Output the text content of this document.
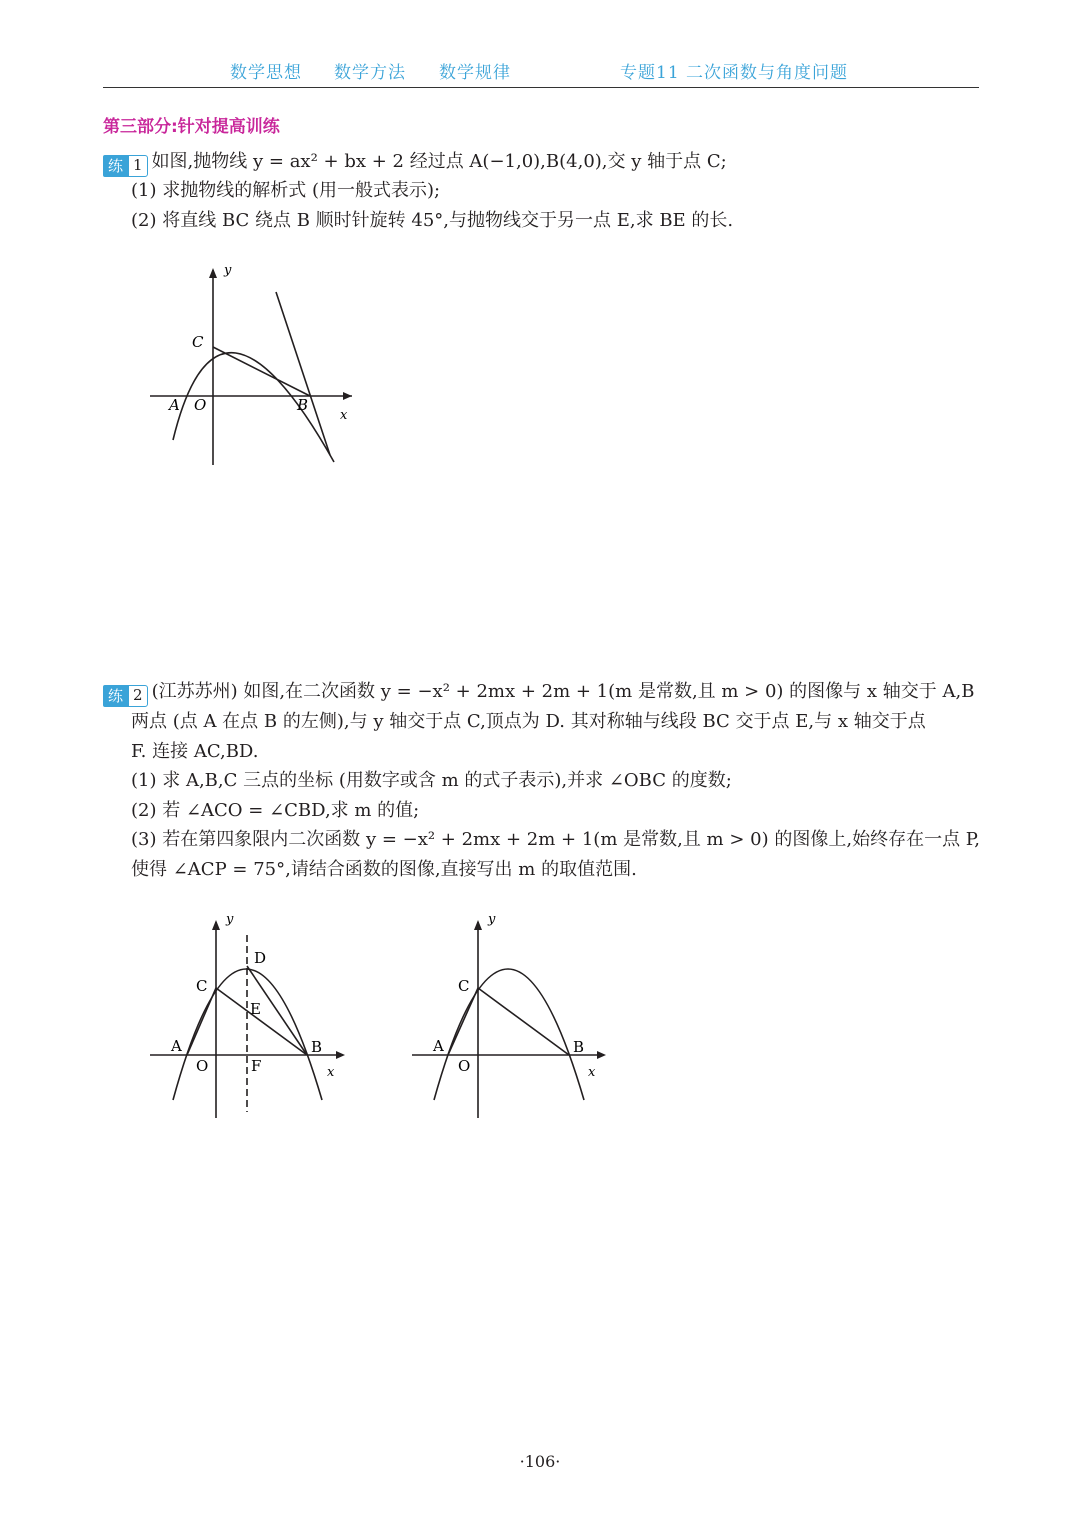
数学思想 数学方法 数学规律	专题11 二次函数与角度问题
第三部分:针对提高训练
练 1 如图,抛物线 y = ax² + bx + 2 经过点 A(−1,0),B(4,0),交 y 轴于点 C;
(1) 求抛物线的解析式 (用一般式表示);
(2) 将直线 BC 绕点 B 顺时针旋转 45°,与抛物线交于另一点 E,求 BE 的长.
y
x
C
A O	B
练 2 (江苏苏州) 如图,在二次函数 y = −x² + 2mx + 2m + 1(m 是常数,且 m > 0) 的图像与 x 轴交于 A,B
两点 (点 A 在点 B 的左侧),与 y 轴交于点 C,顶点为 D. 其对称轴与线段 BC 交于点 E,与 x 轴交于点
F. 连接 AC,BD.
(1) 求 A,B,C 三点的坐标 (用数字或含 m 的式子表示),并求 ∠OBC 的度数;
(2) 若 ∠ACO = ∠CBD,求 m 的值;
(3) 若在第四象限内二次函数 y = −x² + 2mx + 2m + 1(m 是常数,且 m > 0) 的图像上,始终存在一点 P,
使得 ∠ACP = 75°,请结合函数的图像,直接写出 m 的取值范围.
y
x
C
D
E
A
O	F
B
y
x
C
A
O
B
·106·
